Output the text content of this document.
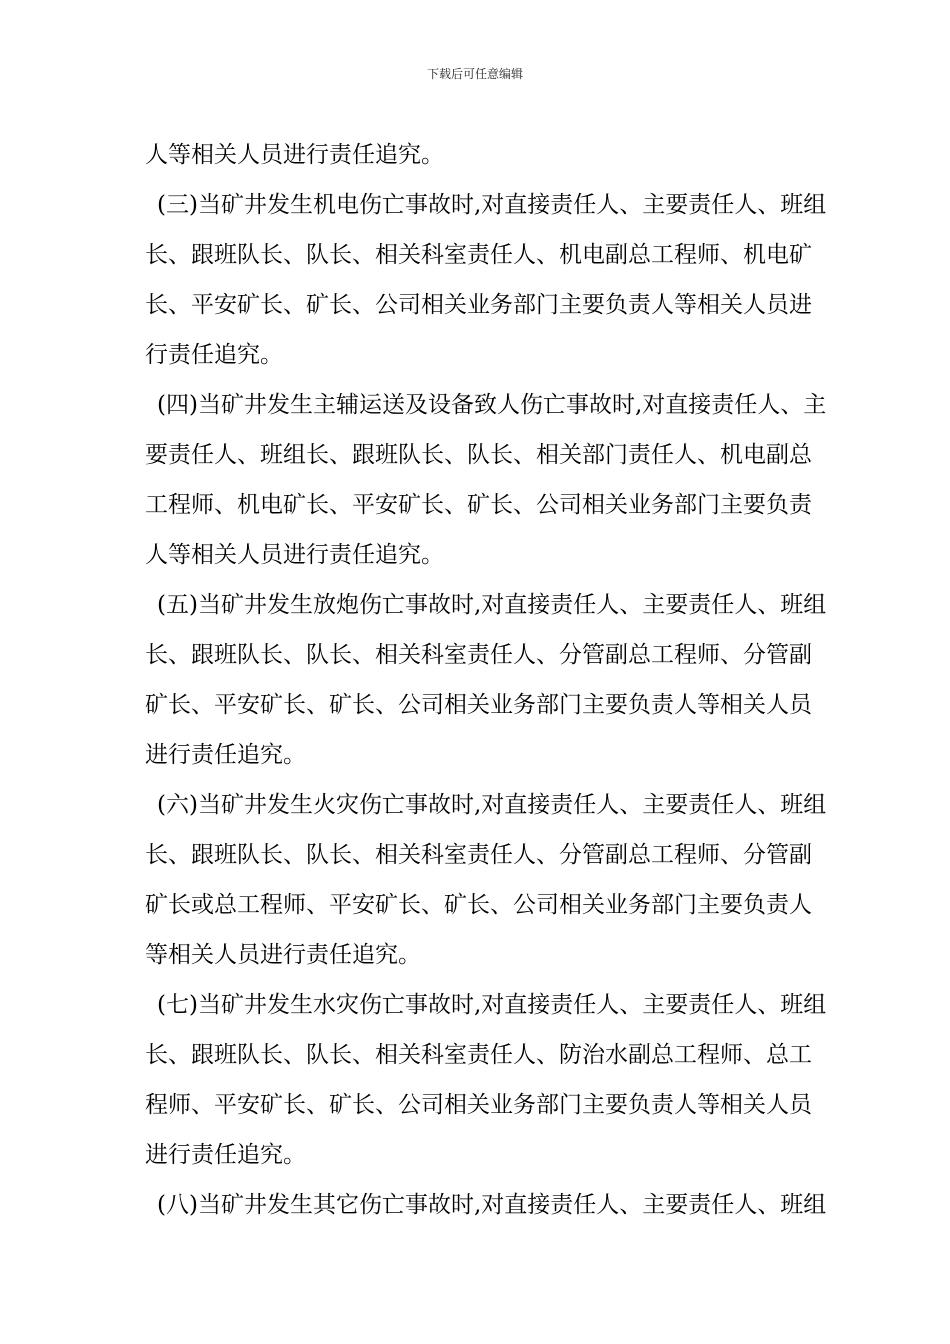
下载后可任意编辑
人等相关人员进行责任追究。
(三)当矿井发生机电伤亡事故时,对直接责任人、主要责任人、班组
长、跟班队长、队长、相关科室责任人、机电副总工程师、机电矿
长、平安矿长、矿长、公司相关业务部门主要负责人等相关人员进
行责任追究。
(四)当矿井发生主辅运送及设备致人伤亡事故时,对直接责任人、主
要责任人、班组长、跟班队长、队长、相关部门责任人、机电副总
工程师、机电矿长、平安矿长、矿长、公司相关业务部门主要负责
人等相关人员进行责任追究。
(五)当矿井发生放炮伤亡事故时,对直接责任人、主要责任人、班组
长、跟班队长、队长、相关科室责任人、分管副总工程师、分管副
矿长、平安矿长、矿长、公司相关业务部门主要负责人等相关人员
进行责任追究。
(六)当矿井发生火灾伤亡事故时,对直接责任人、主要责任人、班组
长、跟班队长、队长、相关科室责任人、分管副总工程师、分管副
矿长或总工程师、平安矿长、矿长、公司相关业务部门主要负责人
等相关人员进行责任追究。
(七)当矿井发生水灾伤亡事故时,对直接责任人、主要责任人、班组
长、跟班队长、队长、相关科室责任人、防治水副总工程师、总工
程师、平安矿长、矿长、公司相关业务部门主要负责人等相关人员
进行责任追究。
(八)当矿井发生其它伤亡事故时,对直接责任人、主要责任人、班组
